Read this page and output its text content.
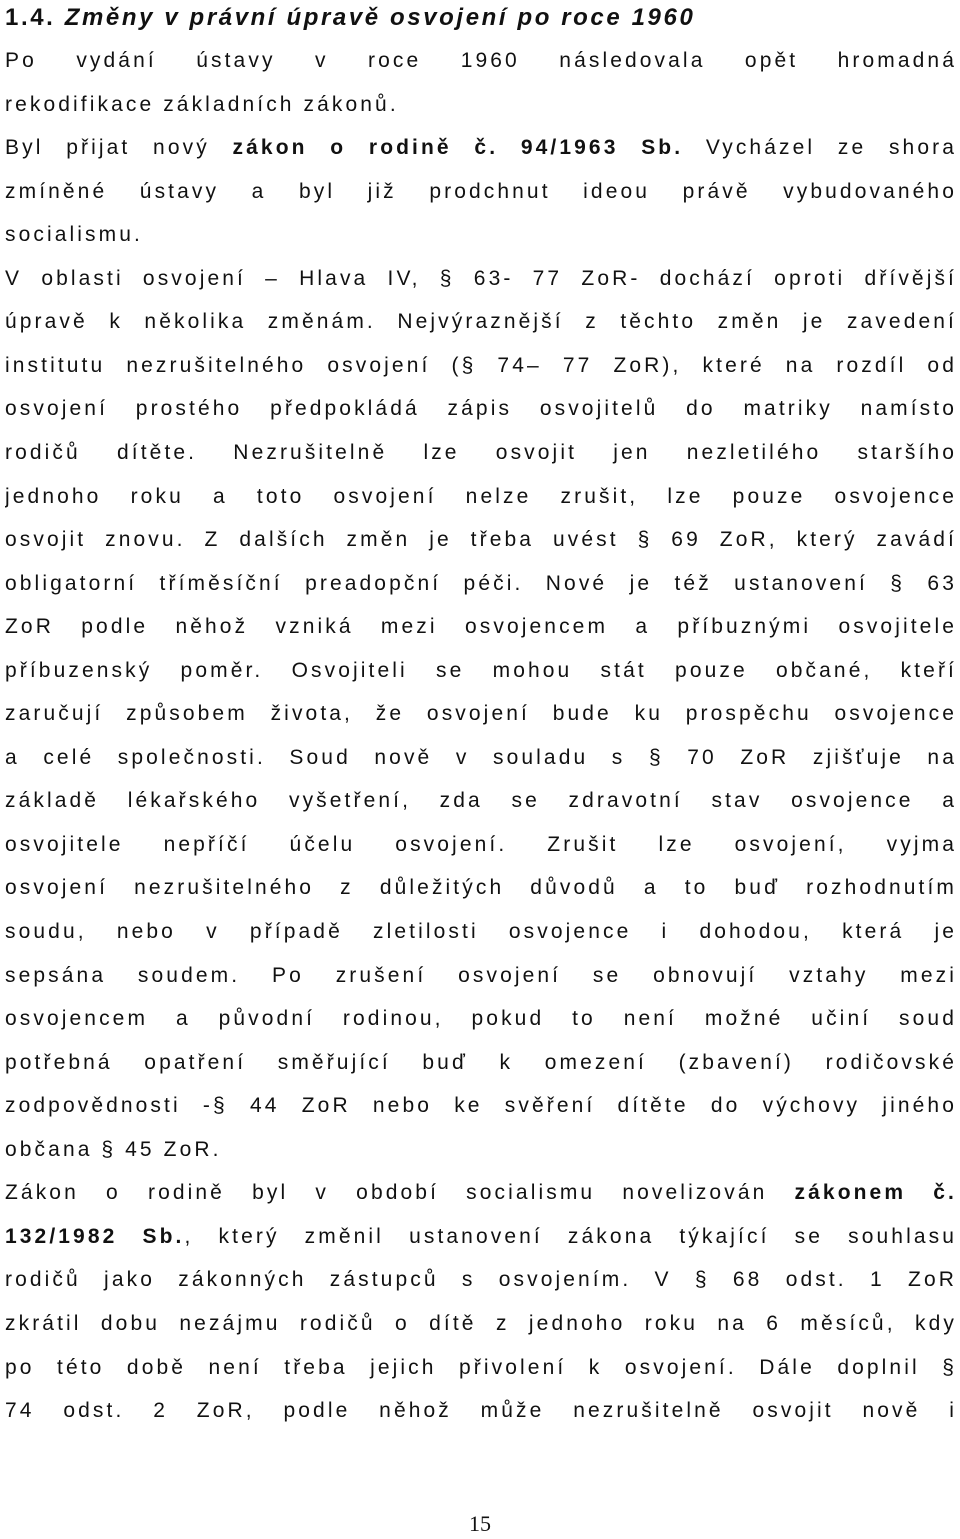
1.4. Změny v právní úpravě osvojení po roce 1960
Po vydání ústavy v roce 1960 následovala opět hromadná
rekodifikace základních zákonů.
Byl přijat nový zákon o rodině č. 94/1963 Sb. Vycházel ze shora
zmíněné ústavy a byl již prodchnut ideou právě vybudovaného
socialismu.
V oblasti osvojení – Hlava IV, § 63- 77 ZoR- dochází oproti dřívější
úpravě k několika změnám. Nejvýraznější z těchto změn je zavedení
institutu nezrušitelného osvojení (§ 74– 77 ZoR), které na rozdíl od
osvojení prostého předpokládá zápis osvojitelů do matriky namísto
rodičů dítěte. Nezrušitelně lze osvojit jen nezletilého staršího
jednoho roku a toto osvojení nelze zrušit, lze pouze osvojence
osvojit znovu. Z dalších změn je třeba uvést § 69 ZoR, který zavádí
obligatorní tříměsíční preadopční péči. Nové je též ustanovení § 63
ZoR podle něhož vzniká mezi osvojencem a příbuznými osvojitele
příbuzenský poměr. Osvojiteli se mohou stát pouze občané, kteří
zaručují způsobem života, že osvojení bude ku prospěchu osvojence
a celé společnosti. Soud nově v souladu s § 70 ZoR zjišťuje na
základě lékařského vyšetření, zda se zdravotní stav osvojence a
osvojitele nepříčí účelu osvojení. Zrušit lze osvojení, vyjma
osvojení nezrušitelného z důležitých důvodů a to buď rozhodnutím
soudu, nebo v případě zletilosti osvojence i dohodou, která je
sepsána soudem. Po zrušení osvojení se obnovují vztahy mezi
osvojencem a původní rodinou, pokud to není možné učiní soud
potřebná opatření směřující buď k omezení (zbavení) rodičovské
zodpovědnosti -§ 44 ZoR nebo ke svěření dítěte do výchovy jiného
občana § 45 ZoR.
Zákon o rodině byl v období socialismu novelizován zákonem č.
132/1982 Sb., který změnil ustanovení zákona týkající se souhlasu
rodičů jako zákonných zástupců s osvojením. V § 68 odst. 1 ZoR
zkrátil dobu nezájmu rodičů o dítě z jednoho roku na 6 měsíců, kdy
po této době není třeba jejich přivolení k osvojení. Dále doplnil §
74 odst. 2 ZoR, podle něhož může nezrušitelně osvojit nově i
15
